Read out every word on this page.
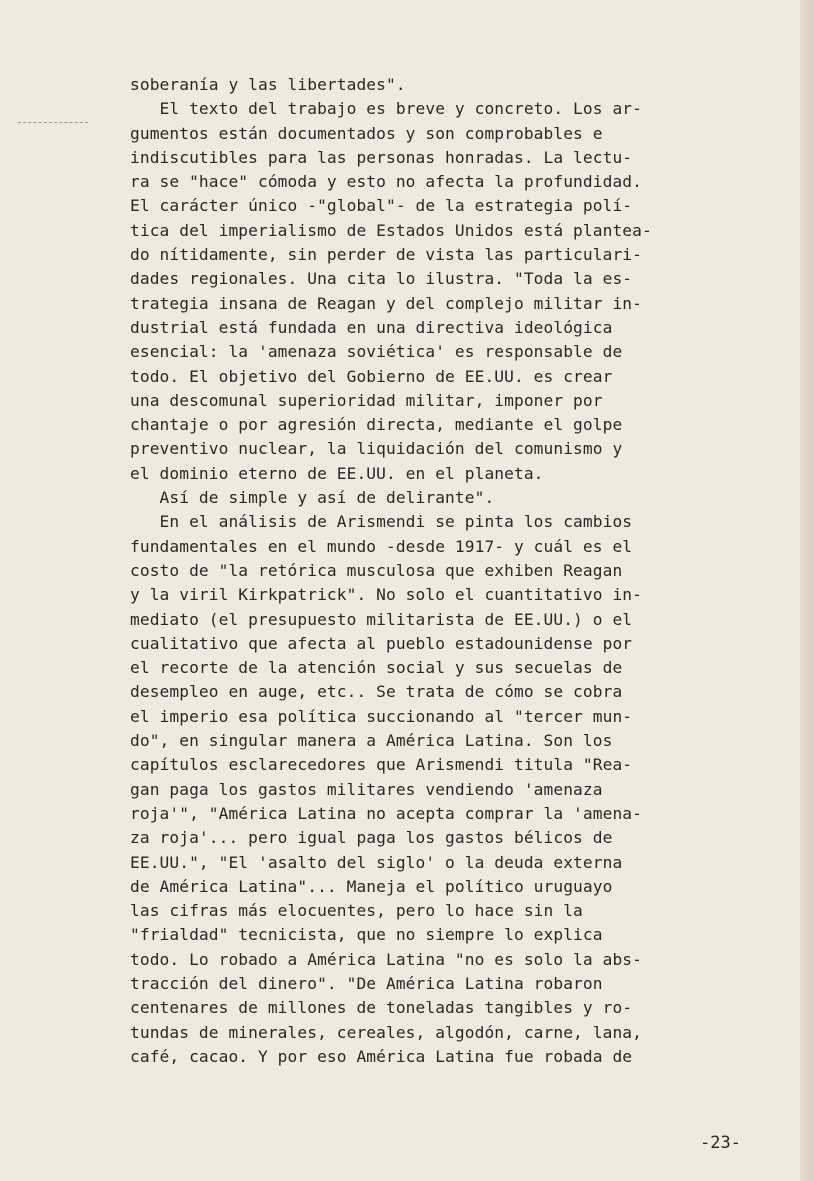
soberanía y las libertades".
El texto del trabajo es breve y concreto. Los ar-
gumentos están documentados y son comprobables e
indiscutibles para las personas honradas. La lectu-
ra se "hace" cómoda y esto no afecta la profundidad.
El carácter único -"global"- de la estrategia polí-
tica del imperialismo de Estados Unidos está plantea-
do nítidamente, sin perder de vista las particulari-
dades regionales. Una cita lo ilustra. "Toda la es-
trategia insana de Reagan y del complejo militar in-
dustrial está fundada en una directiva ideológica
esencial: la 'amenaza soviética' es responsable de
todo. El objetivo del Gobierno de EE.UU. es crear
una descomunal superioridad militar, imponer por
chantaje o por agresión directa, mediante el golpe
preventivo nuclear, la liquidación del comunismo y
el dominio eterno de EE.UU. en el planeta.
Así de simple y así de delirante".
En el análisis de Arismendi se pinta los cambios
fundamentales en el mundo -desde 1917- y cuál es el
costo de "la retórica musculosa que exhiben Reagan
y la viril Kirkpatrick". No solo el cuantitativo in-
mediato (el presupuesto militarista de EE.UU.) o el
cualitativo que afecta al pueblo estadounidense por
el recorte de la atención social y sus secuelas de
desempleo en auge, etc.. Se trata de cómo se cobra
el imperio esa política succionando al "tercer mun-
do", en singular manera a América Latina. Son los
capítulos esclarecedores que Arismendi titula "Rea-
gan paga los gastos militares vendiendo 'amenaza
roja'", "América Latina no acepta comprar la 'amena-
za roja'... pero igual paga los gastos bélicos de
EE.UU.", "El 'asalto del siglo' o la deuda externa
de América Latina"... Maneja el político uruguayo
las cifras más elocuentes, pero lo hace sin la
"frialdad" tecnicista, que no siempre lo explica
todo. Lo robado a América Latina "no es solo la abs-
tracción del dinero". "De América Latina robaron
centenares de millones de toneladas tangibles y ro-
tundas de minerales, cereales, algodón, carne, lana,
café, cacao. Y por eso América Latina fue robada de
-23-
